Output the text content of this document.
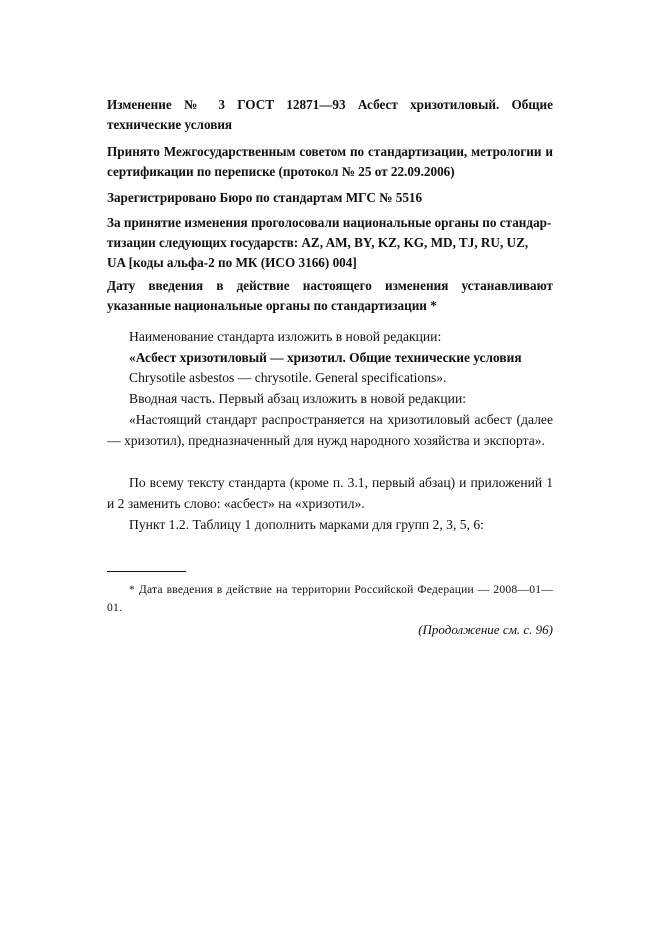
Изменение № 3 ГОСТ 12871—93 Асбест хризотиловый. Общие технические условия
Принято Межгосударственным советом по стандартизации, метрологии и сертификации по переписке (протокол № 25 от 22.09.2006)
Зарегистрировано Бюро по стандартам МГС № 5516
За принятие изменения проголосовали национальные органы по стандар-
тизации следующих государств: AZ, AM, BY, KZ, KG, MD, TJ, RU, UZ,
UA [коды альфа-2 по МК (ИСО 3166) 004]
Дату введения в действие настоящего изменения устанавливают указанные национальные органы по стандартизации *
Наименование стандарта изложить в новой редакции:
«Асбест хризотиловый — хризотил. Общие технические условия
Chrysotile asbestos — chrysotile. General specifications».
Вводная часть. Первый абзац изложить в новой редакции:
«Настоящий стандарт распространяется на хризотиловый асбест (далее — хризотил), предназначенный для нужд народного хозяйства и экспорта».
По всему тексту стандарта (кроме п. 3.1, первый абзац) и приложений 1 и 2 заменить слово: «асбест» на «хризотил».
Пункт 1.2. Таблицу 1 дополнить марками для групп 2, 3, 5, 6:
* Дата введения в действие на территории Российской Федерации — 2008—01—01.
(Продолжение см. с. 96)
